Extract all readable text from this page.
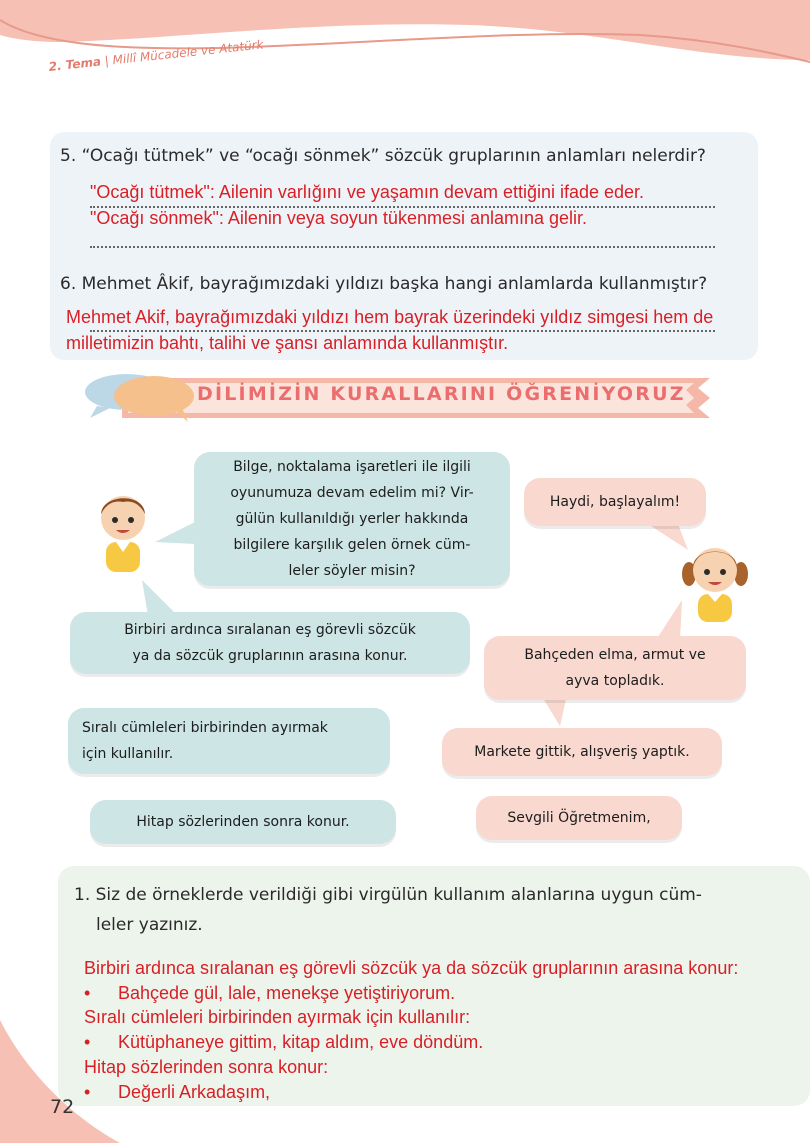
2. Tema | Millî Mücadele ve Atatürk
5. “Ocağı tütmek” ve “ocağı sönmek” sözcük gruplarının anlamları nelerdir?
"Ocağı tütmek": Ailenin varlığını ve yaşamın devam ettiğini ifade eder.
"Ocağı sönmek": Ailenin veya soyun tükenmesi anlamına gelir.
6. Mehmet Âkif, bayrağımızdaki yıldızı başka hangi anlamlarda kullanmıştır?
Mehmet Akif, bayrağımızdaki yıldızı hem bayrak üzerindeki yıldız simgesi hem de
milletimizin bahtı, talihi ve şansı anlamında kullanmıştır.
DİLİMİZİN KURALLARINI ÖĞRENİYORUZ
Bilge, noktalama işaretleri ile ilgili
oyunumuza devam edelim mi? Vir-
gülün kullanıldığı yerler hakkında
bilgilere karşılık gelen örnek cüm-
leler söyler misin?
Haydi, başlayalım!
Birbiri ardınca sıralanan eş görevli sözcük
ya da sözcük gruplarının arasına konur.
Sıralı cümleleri birbirinden ayırmak
için kullanılır.
Hitap sözlerinden sonra konur.
Bahçeden elma, armut ve
ayva topladık.
Markete gittik, alışveriş yaptık.
Sevgili Öğretmenim,
1. Siz de örneklerde verildiği gibi virgülün kullanım alanlarına uygun cüm-
leler yazınız.
Birbiri ardınca sıralanan eş görevli sözcük ya da sözcük gruplarının arasına konur:
• Bahçede gül, lale, menekşe yetiştiriyorum.
Sıralı cümleleri birbirinden ayırmak için kullanılır:
• Kütüphaneye gittim, kitap aldım, eve döndüm.
Hitap sözlerinden sonra konur:
• Değerli Arkadaşım,
72
